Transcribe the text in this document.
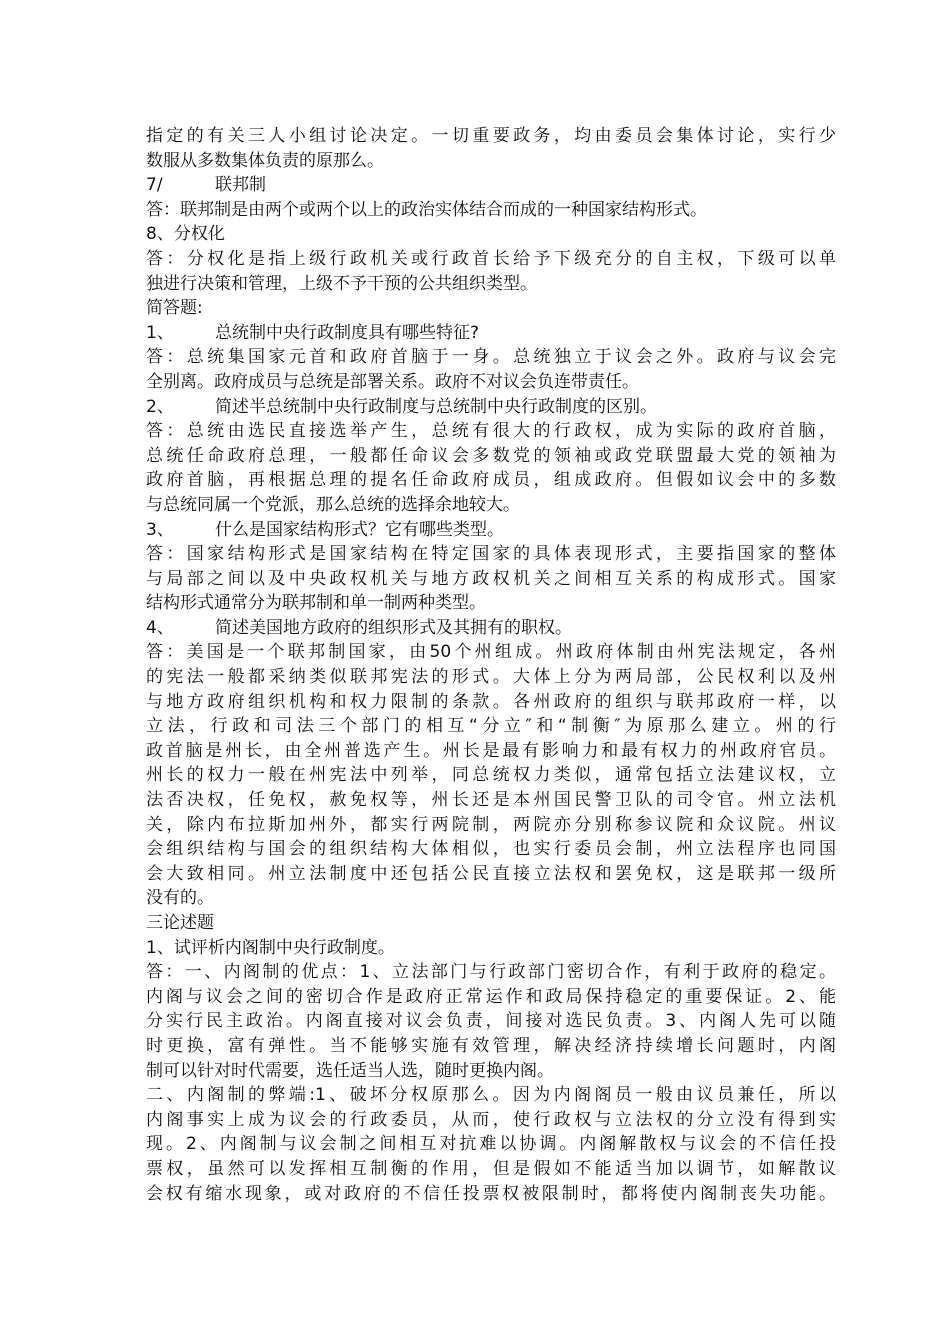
指定的有关三人小组讨论决定。一切重要政务，均由委员会集体讨论，实行少
数服从多数集体负责的原那么。
7/	联邦制
答：联邦制是由两个或两个以上的政治实体结合而成的一种国家结构形式。
8、分权化
答：分权化是指上级行政机关或行政首长给予下级充分的自主权，下级可以单
独进行决策和管理，上级不予干预的公共组织类型。
简答题:
1、	总统制中央行政制度具有哪些特征?
答：总统集国家元首和政府首脑于一身。总统独立于议会之外。政府与议会完
全别离。政府成员与总统是部署关系。政府不对议会负连带责任。
2、	简述半总统制中央行政制度与总统制中央行政制度的区别。
答：总统由选民直接选举产生，总统有很大的行政权，成为实际的政府首脑，
总统任命政府总理，一般都任命议会多数党的领袖或政党联盟最大党的领袖为
政府首脑，再根据总理的提名任命政府成员，组成政府。但假如议会中的多数
与总统同属一个党派，那么总统的选择余地较大。
3、	什么是国家结构形式？它有哪些类型。
答：国家结构形式是国家结构在特定国家的具体表现形式，主要指国家的整体
与局部之间以及中央政权机关与地方政权机关之间相互关系的构成形式。国家
结构形式通常分为联邦制和单一制两种类型。
4、	简述美国地方政府的组织形式及其拥有的职权。
答：美国是一个联邦制国家，由50个州组成。州政府体制由州宪法规定，各州
的宪法一般都采纳类似联邦宪法的形式。大体上分为两局部，公民权利以及州
与地方政府组织机构和权力限制的条款。各州政府的组织与联邦政府一样，以
立法，行政和司法三个部门的相互“分立″和“制衡″为原那么建立。州的行
政首脑是州长，由全州普选产生。州长是最有影响力和最有权力的州政府官员。
州长的权力一般在州宪法中列举，同总统权力类似，通常包括立法建议权，立
法否决权，任免权，赦免权等，州长还是本州国民警卫队的司令官。州立法机
关，除内布拉斯加州外，都实行两院制，两院亦分别称参议院和众议院。州议
会组织结构与国会的组织结构大体相似，也实行委员会制，州立法程序也同国
会大致相同。州立法制度中还包括公民直接立法权和罢免权，这是联邦一级所
没有的。
三论述题
1、试评析内阁制中央行政制度。
答：一、内阁制的优点：1、立法部门与行政部门密切合作，有利于政府的稳定。
内阁与议会之间的密切合作是政府正常运作和政局保持稳定的重要保证。2、能
分实行民主政治。内阁直接对议会负责，间接对选民负责。3、内阁人先可以随
时更换，富有弹性。当不能够实施有效管理，解决经济持续增长问题时，内阁
制可以针对时代需要，选任适当人选，随时更换内阁。
二、内阁制的弊端:1、破坏分权原那么。因为内阁阁员一般由议员兼任，所以
内阁事实上成为议会的行政委员，从而，使行政权与立法权的分立没有得到实
现。2、内阁制与议会制之间相互对抗难以协调。内阁解散权与议会的不信任投
票权，虽然可以发挥相互制衡的作用，但是假如不能适当加以调节，如解散议
会权有缩水现象，或对政府的不信任投票权被限制时，都将使内阁制丧失功能。
